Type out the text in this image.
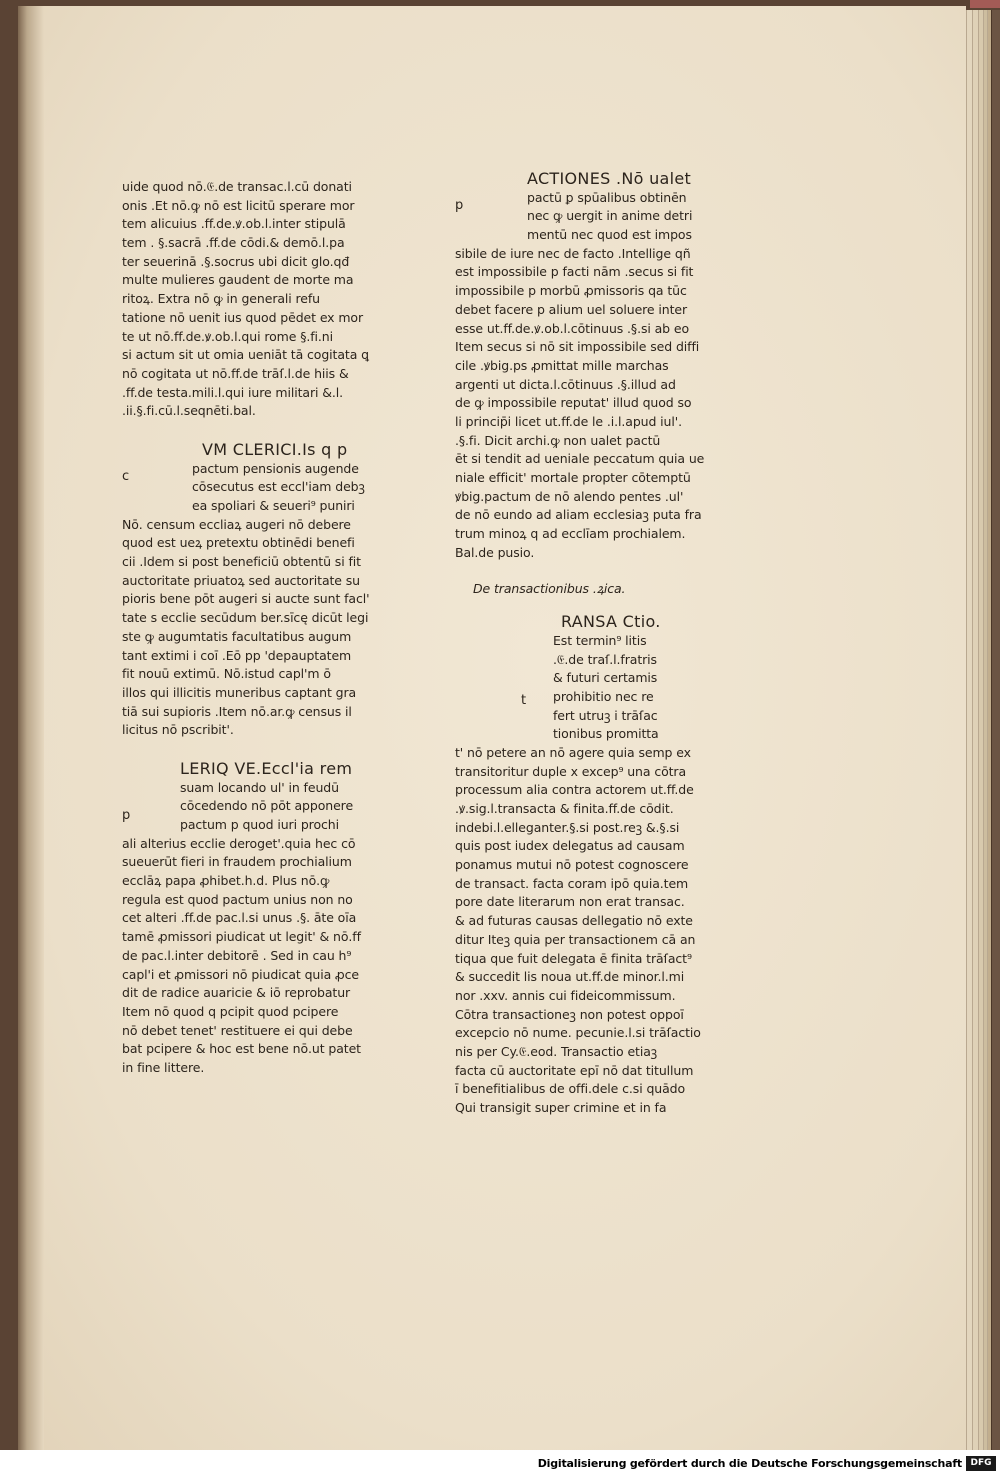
uide quod nō.𝔈.de transac.l.cū donati
onis .Et nō.ꝙ nō est licitū sperare mor
tem alicuius .ff.de.ꝟ.ob.l.inter stipulā
tem . §.sacrā .ff.de cōdi.& demō.l.pa
ter seuerinā .§.socrus ubi dicit glo.qđ
multe mulieres gaudent de morte ma
ritoꝝ. Extra nō ꝙ in generali refu
tatione nō uenit ius quod pēdet ex mor
te ut nō.ff.de.ꝟ.ob.l.qui rome §.fi.ni
si actum sit ut omia ueniāt tā cogitata ꝗ
nō cogitata ut nō.ff.de trāſ.l.de hiis &
.ff.de testa.mili.l.qui iure militari &.l.
.ii.§.fi.cū.l.seqnēti.bal.
c
VM CLERICI.Is q p
pactum pensionis augende
cōsecutus est eccl'iam debꝫ
ea spoliari & seueri⁹ puniri
Nō. censum eccliaꝝ augeri nō debere
quod est ueꝝ pretextu obtinēdi benefi
cii .Idem si post beneficiū obtentū si fit
auctoritate priuatoꝝ sed auctoritate su
pioris bene pōt augeri si aucte sunt facl'
tate s ecclie secūdum ber.sīcę dicūt legi
ste ꝙ augumtatis facultatibus augum
tant extimi i coī .Eō pp 'depauptatem
fit nouū extimū. Nō.istud capl'm ō
illos qui illicitis muneribus captant gra
tiā sui supioris .Item nō.ar.ꝙ census il
licitus nō pscribit'.
p
LERIQ VE.Eccl'ia rem
suam locando ul' in feudū
cōcedendo nō pōt apponere
pactum p quod iuri prochi
ali alterius ecclie deroget'.quia hec cō
sueuerūt fieri in fraudem prochialium
ecclāꝝ papa ꝓhibet.h.d. Plus nō.ꝙ
regula est quod pactum unius non no
cet alteri .ff.de pac.l.si unus .§. āte oīa
tamē ꝓmissori piudicat ut legit' & nō.ff
de pac.l.inter debitorē . Sed in cau h⁹
capl'i et ꝓmissori nō piudicat quia ꝓce
dit de radice auaricie & iō reprobatur
Item nō quod q pcipit quod pcipere
nō debet tenet' restituere ei qui debe
bat pcipere & hoc est bene nō.ut patet
in fine littere.
p
ACTIONES .Nō ualet
pactū ꝑ spūalibus obtinēn
nec ꝙ uergit in anime detri
mentū nec quod est impos
sibile de iure nec de facto .Intellige qñ
est impossibile p facti nām .secus si fit
impossibile p morbū ꝓmissoris qa tūc
debet facere p alium uel soluere inter
esse ut.ff.de.ꝟ.ob.l.cōtinuus .§.si ab eo
Item secus si nō sit impossibile sed diffi
cile .ꝟbig.ps ꝓmittat mille marchas
argenti ut dicta.l.cōtinuus .§.illud ad
de ꝙ impossibile reputat' illud quod so
li princip̄i licet ut.ff.de le .i.l.apud iul'.
.§.fi. Dicit archi.ꝙ non ualet pactū
ēt si tendit ad ueniale peccatum quia ue
niale efficit' mortale propter cōtemptū
ꝟbig.pactum de nō alendo pentes .ul'
de nō eundo ad aliam ecclesiaꝫ puta fra
trum minoꝝ q ad ecclīam prochialem.
Bal.de pusio.
De transactionibus .ꝝica.
t
RANSA Ctio.
Est termin⁹ litis
.𝔈.de traſ.l.fratris
& futuri certamis
prohibitio nec re
fert utruꝫ i trāſac
tionibus promitta
t' nō petere an nō agere quia semp ex
transitoritur duple x excep⁹ una cōtra
processum alia contra actorem ut.ff.de
.ꝟ.sig.l.transacta & finita.ff.de cōdit.
indebi.l.elleganter.§.si post.reꝫ &.§.si
quis post iudex delegatus ad causam
ponamus mutui nō potest cognoscere
de transact. facta coram ipō quia.tem
pore date literarum non erat transac.
& ad futuras causas dellegatio nō exte
ditur Iteꝫ quia per transactionem cā an
tiqua que fuit delegata ē finita trāſact⁹
& succedit lis noua ut.ff.de minor.l.mi
nor .xxv. annis cui fideicommissum.
Cōtra transactioneꝫ non potest oppoī
excepcio nō nume. pecunie.l.si trāſactio
nis per Cy.𝔈.eod. Transactio etiaꝫ
facta cū auctoritate epī nō dat titullum
ī benefitialibus de offi.dele c.si quādo
Qui transigit super crimine et in fa
Digitalisierung gefördert durch die Deutsche Forschungsgemeinschaft DFG
